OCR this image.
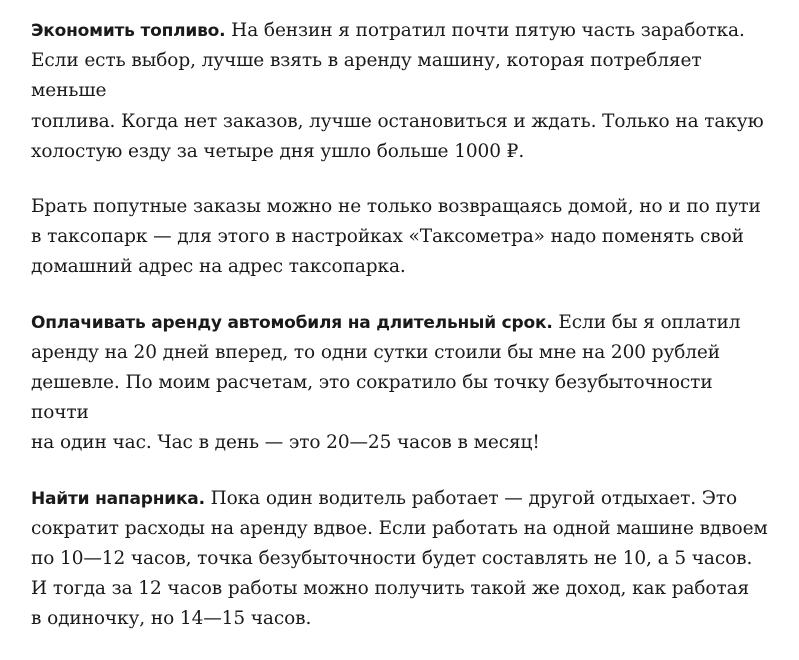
Экономить топливо. На бензин я потратил почти пятую часть заработка.
Если есть выбор, лучше взять в аренду машину, которая потребляет меньше
топлива. Когда нет заказов, лучше остановиться и ждать. Только на такую
холостую езду за четыре дня ушло больше 1000 ₽.

Брать попутные заказы можно не только возвращаясь домой, но и по пути
в таксопарк — для этого в настройках «Таксометра» надо поменять свой
домашний адрес на адрес таксопарка.

Оплачивать аренду автомобиля на длительный срок. Если бы я оплатил
аренду на 20 дней вперед, то одни сутки стоили бы мне на 200 рублей
дешевле. По моим расчетам, это сократило бы точку безубыточности почти
на один час. Час в день — это 20—25 часов в месяц!

Найти напарника. Пока один водитель работает — другой отдыхает. Это
сократит расходы на аренду вдвое. Если работать на одной машине вдвоем
по 10—12 часов, точка безубыточности будет составлять не 10, а 5 часов.
И тогда за 12 часов работы можно получить такой же доход, как работая
в одиночку, но 14—15 часов.
